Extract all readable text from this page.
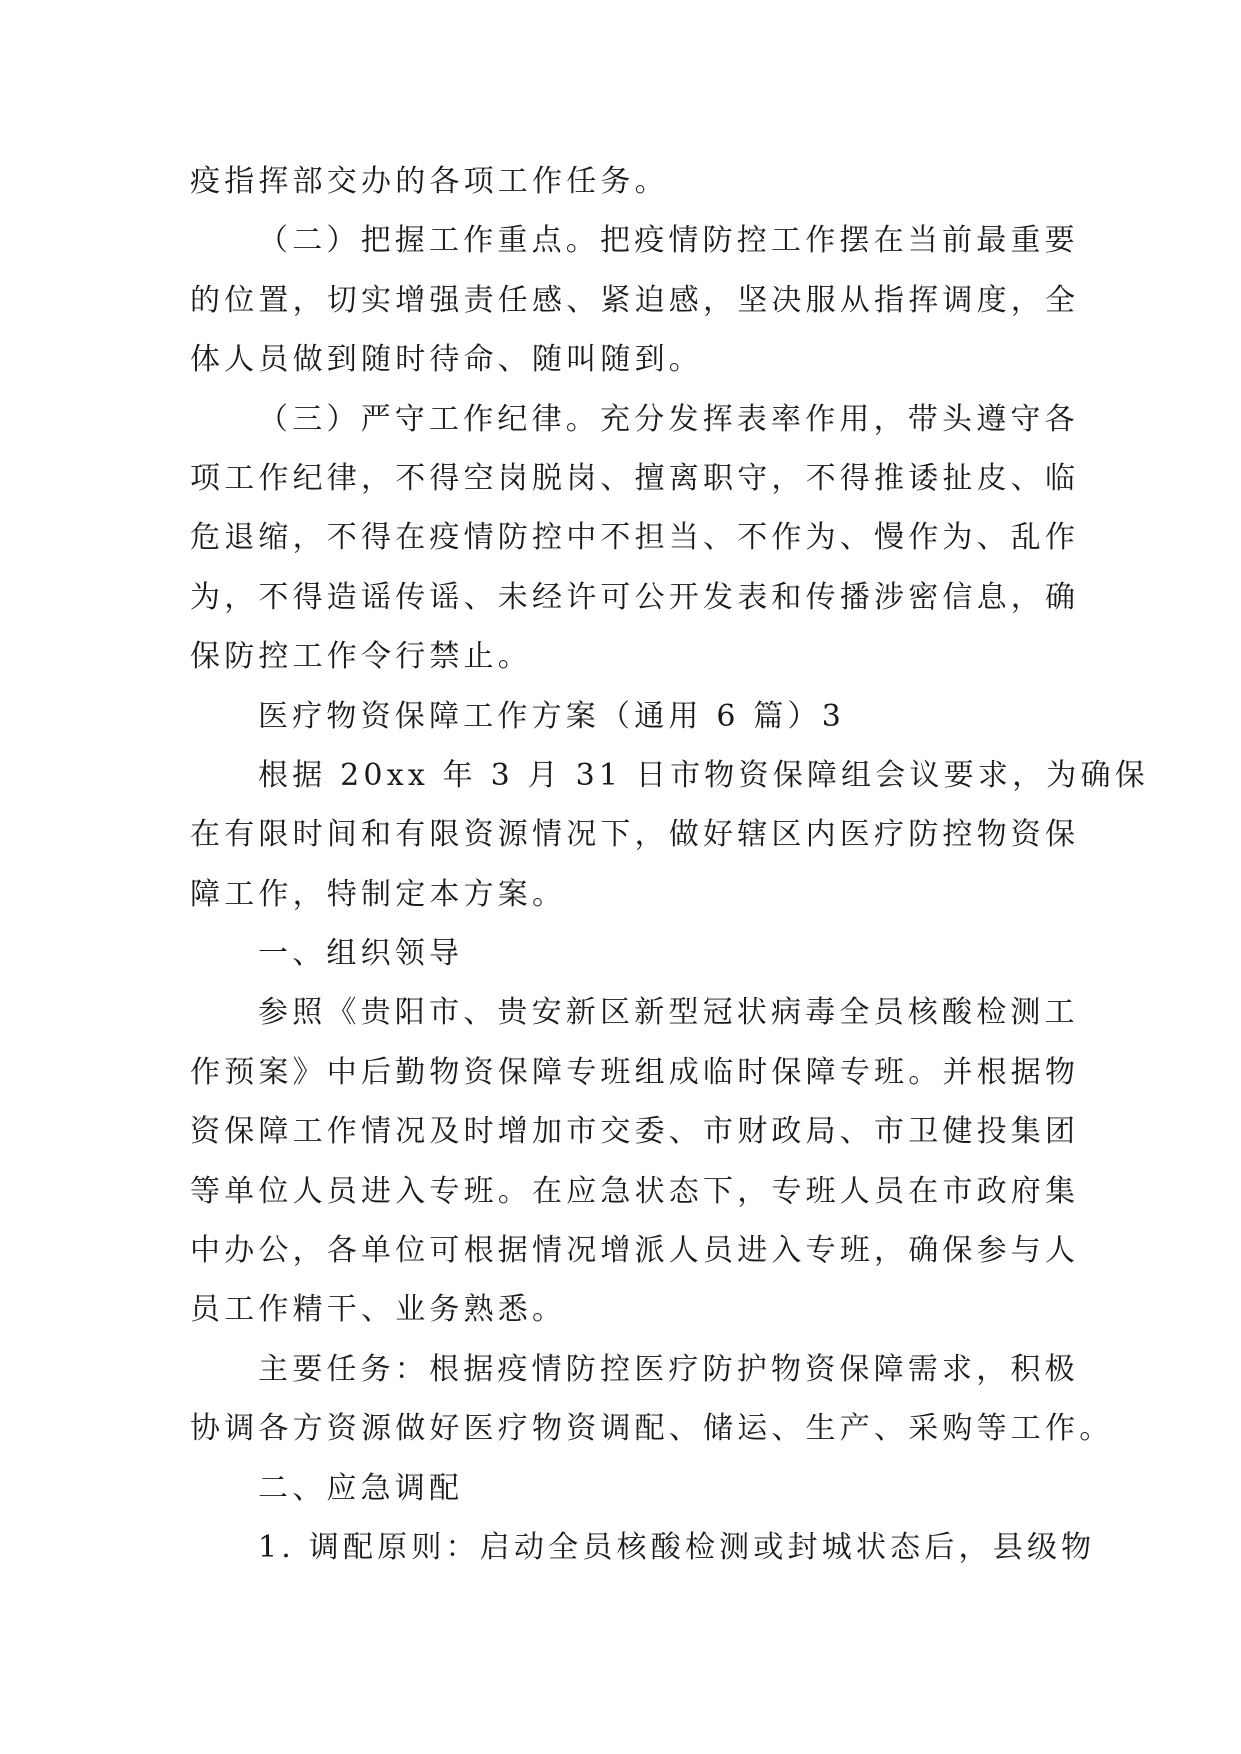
疫指挥部交办的各项工作任务。
（二）把握工作重点。把疫情防控工作摆在当前最重要
的位置，切实增强责任感、紧迫感，坚决服从指挥调度，全
体人员做到随时待命、随叫随到。
（三）严守工作纪律。充分发挥表率作用，带头遵守各
项工作纪律，不得空岗脱岗、擅离职守，不得推诿扯皮、临
危退缩，不得在疫情防控中不担当、不作为、慢作为、乱作
为，不得造谣传谣、未经许可公开发表和传播涉密信息，确
保防控工作令行禁止。
医疗物资保障工作方案（通用 6 篇）3
根据 20xx 年 3 月 31 日市物资保障组会议要求，为确保
在有限时间和有限资源情况下，做好辖区内医疗防控物资保
障工作，特制定本方案。
一、组织领导
参照《贵阳市、贵安新区新型冠状病毒全员核酸检测工
作预案》中后勤物资保障专班组成临时保障专班。并根据物
资保障工作情况及时增加市交委、市财政局、市卫健投集团
等单位人员进入专班。在应急状态下，专班人员在市政府集
中办公，各单位可根据情况增派人员进入专班，确保参与人
员工作精干、业务熟悉。
主要任务：根据疫情防控医疗防护物资保障需求，积极
协调各方资源做好医疗物资调配、储运、生产、采购等工作。
二、应急调配
1. 调配原则：启动全员核酸检测或封城状态后，县级物
